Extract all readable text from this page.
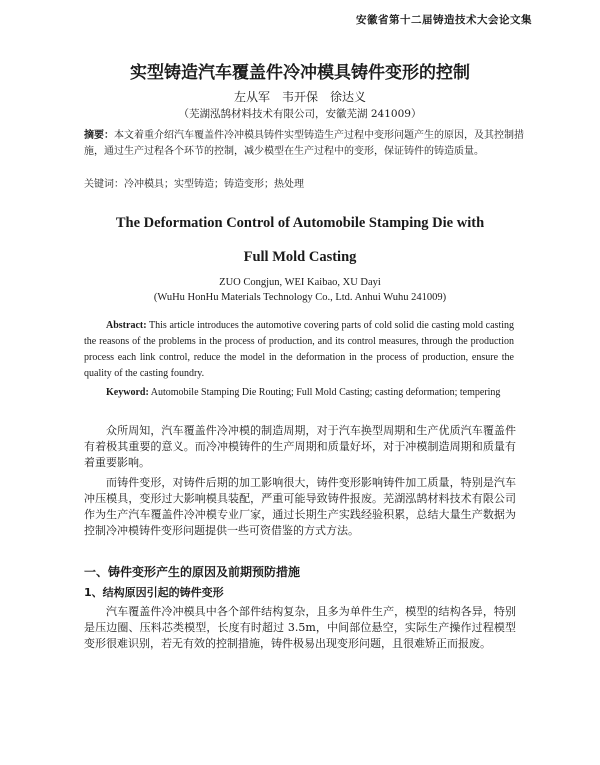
安徽省第十二届铸造技术大会论文集
实型铸造汽车覆盖件冷冲模具铸件变形的控制
左从军　韦开保　徐达义
（芜湖泓鹄材料技术有限公司，安徽芜湖 241009）
摘要：本文着重介绍汽车覆盖件冷冲模具铸件实型铸造生产过程中变形问题产生的原因，及其控制措施，通过生产过程各个环节的控制，减少模型在生产过程中的变形，保证铸件的铸造质量。
关键词：冷冲模具；实型铸造；铸造变形；热处理
The Deformation Control of Automobile Stamping Die with
Full Mold Casting
ZUO Congjun, WEI Kaibao, XU Dayi
(WuHu HonHu Materials Technology Co., Ltd. Anhui Wuhu 241009)
Abstract: This article introduces the automotive covering parts of cold solid die casting mold casting the reasons of the problems in the process of production, and its control measures, through the production process each link control, reduce the model in the deformation in the process of production, ensure the quality of the casting foundry.
Keyword: Automobile Stamping Die Routing; Full Mold Casting; casting deformation; tempering
众所周知，汽车覆盖件冷冲模的制造周期，对于汽车换型周期和生产优质汽车覆盖件有着极其重要的意义。而冷冲模铸件的生产周期和质量好坏，对于冲模制造周期和质量有着重要影响。
而铸件变形，对铸件后期的加工影响很大，铸件变形影响铸件加工质量，特别是汽车冲压模具，变形过大影响模具装配，严重可能导致铸件报废。芜湖泓鹄材料技术有限公司作为生产汽车覆盖件冷冲模专业厂家，通过长期生产实践经验积累，总结大量生产数据为控制冷冲模铸件变形问题提供一些可资借鉴的方式方法。
一、铸件变形产生的原因及前期预防措施
1、结构原因引起的铸件变形
汽车覆盖件冷冲模具中各个部件结构复杂，且多为单件生产，模型的结构各异，特别是压边圈、压料芯类模型，长度有时超过 3.5m，中间部位悬空，实际生产操作过程模型变形很难识别，若无有效的控制措施，铸件极易出现变形问题，且很难矫正而报废。
